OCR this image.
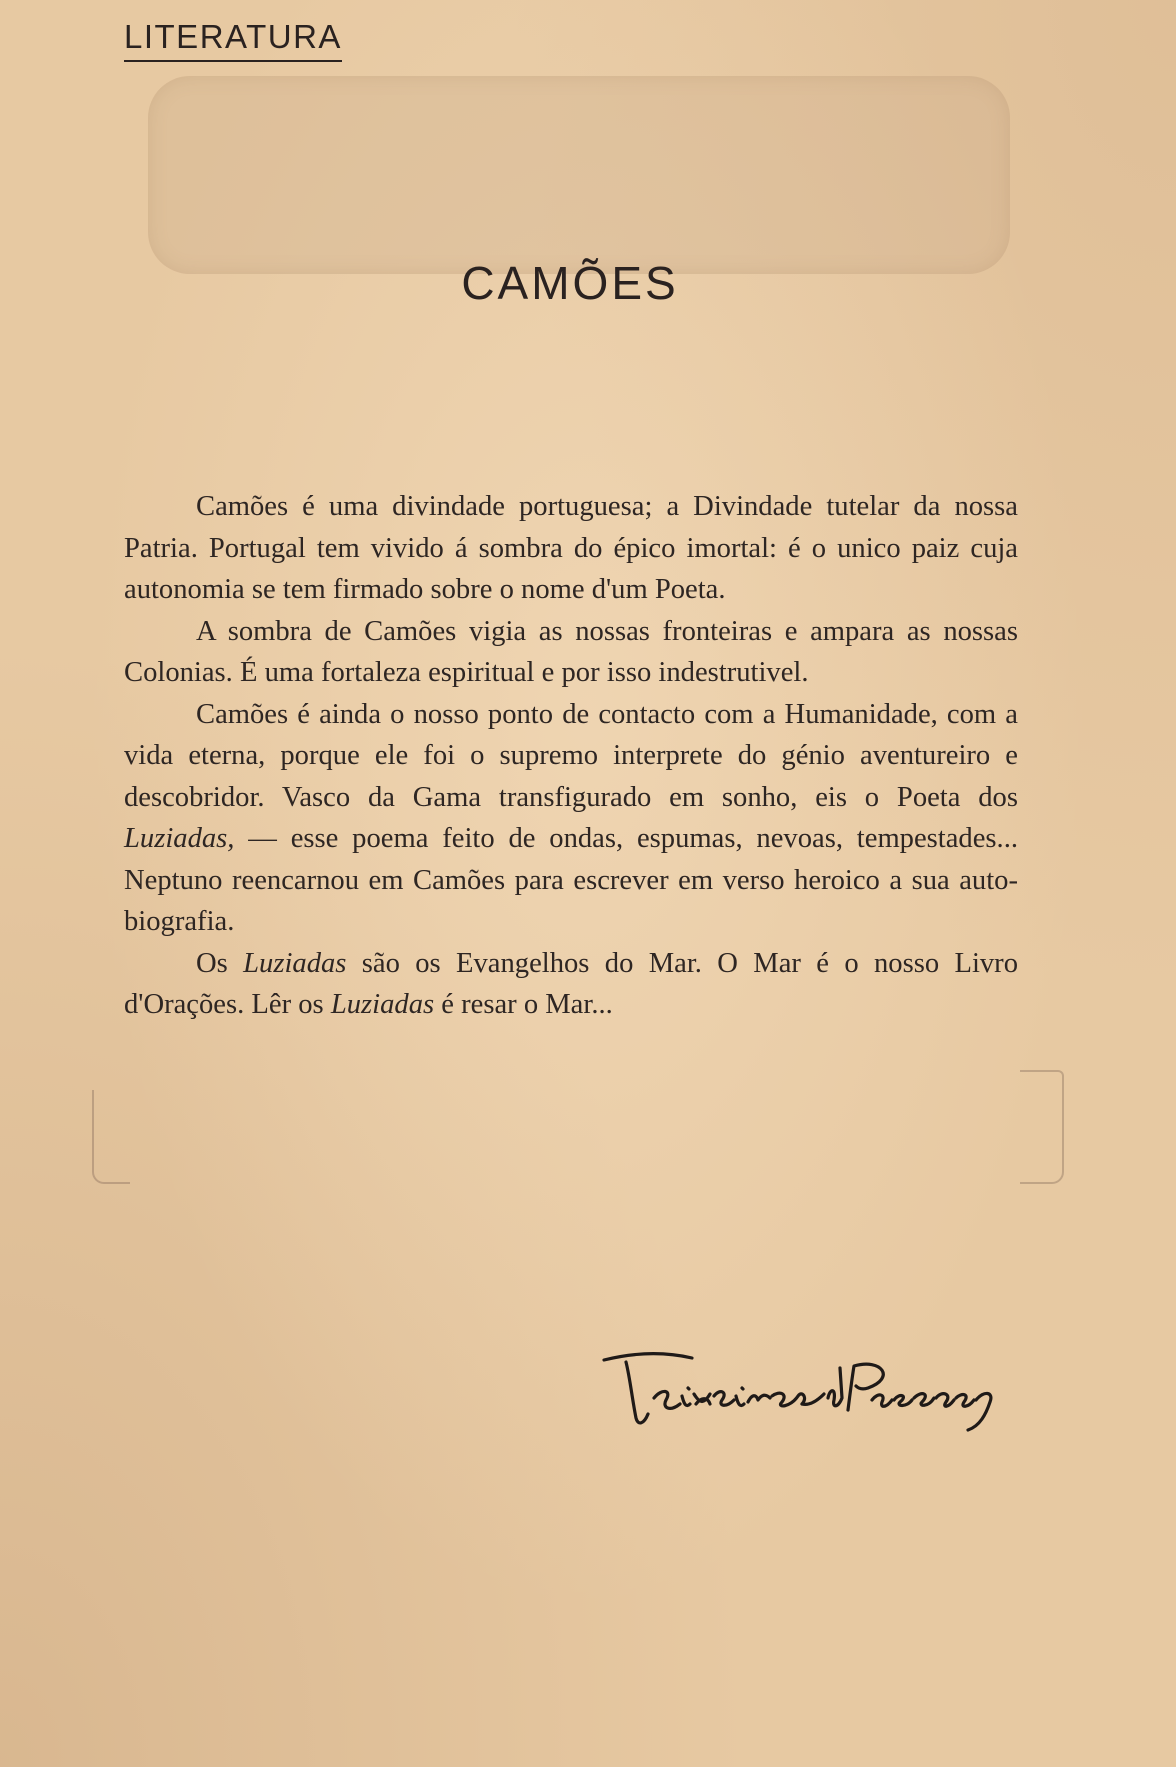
LITERATURA
CAMÕES

Camões é uma divindade portuguesa; a Divindade tutelar da nossa Patria. Portugal tem vivido á sombra do épico imortal: é o unico paiz cuja autonomia se tem firmado sobre o nome d'um Poeta.

A sombra de Camões vigia as nossas fronteiras e ampara as nossas Colonias. É uma fortaleza espiritual e por isso indestrutivel.

Camões é ainda o nosso ponto de contacto com a Humanidade, com a vida eterna, porque ele foi o supremo interprete do génio aventureiro e descobridor. Vasco da Gama transfigurado em sonho, eis o Poeta dos Luziadas, — esse poema feito de ondas, espumas, nevoas, tempestades... Neptuno reencarnou em Camões para escrever em verso heroico a sua auto-biografia.

Os Luziadas são os Evangelhos do Mar. O Mar é o nosso Livro d'Orações. Lêr os Luziadas é resar o Mar...
